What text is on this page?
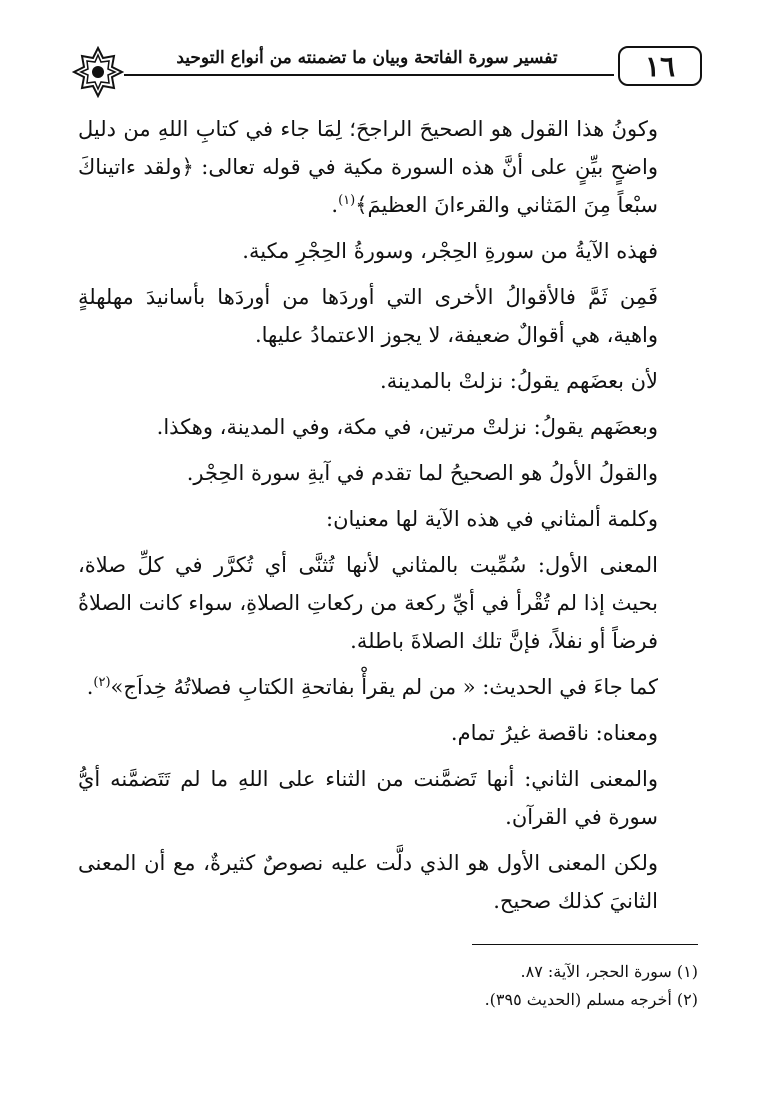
تفسير سورة الفاتحة وبيان ما تضمنته من أنواع التوحيد	١٦

وكونُ هذا القول هو الصحيحَ الراجحَ؛ لِمَا جاء في كتابِ اللهِ من دليل واضحٍ بيِّنٍ على أنَّ هذه السورة مكية في قوله تعالى: ﴿ولقد ءاتيناكَ سبْعاً مِنَ المَثاني والقرءانَ العظيمَ﴾$^{(١)}$.

فهذه الآيةُ من سورةِ الحِجْر، وسورةُ الحِجْرِ مكية.

فَمِن ثَمَّ فالأقوالُ الأخرى التي أوردَها من أوردَها بأسانيدَ مهلهلةٍ واهية، هي أقوالٌ ضعيفة، لا يجوز الاعتمادُ عليها.

لأن بعضَهم يقولُ: نزلتْ بالمدينة.

وبعضَهم يقولُ: نزلتْ مرتين، في مكة، وفي المدينة، وهكذا.

والقولُ الأولُ هو الصحيحُ لما تقدم في آيةِ سورة الحِجْر.

وكلمة ألمثاني في هذه الآية لها معنيان:

المعنى الأول: سُمِّيت بالمثاني لأنها تُثنَّى أي تُكرَّر في كلِّ صلاة، بحيث إذا لم تُقْرأ في أيِّ ركعة من ركعاتِ الصلاةِ، سواء كانت الصلاةُ فرضاً أو نفلاً، فإنَّ تلك الصلاةَ باطلة.

كما جاءَ في الحديث: « من لم يقرأْ بفاتحةِ الكتابِ فصلاتُهُ خِداَج»$^{(٢)}$.

ومعناه: ناقصة غيرُ تمام.

والمعنى الثاني: أنها تَضمَّنت من الثناء على اللهِ ما لم تَتَضمَّنه أيُّ سورة في القرآن.

ولكن المعنى الأول هو الذي دلَّت عليه نصوصٌ كثيرةٌ، مع أن المعنى الثانيَ كذلك صحيح.

(١) سورة الحجر، الآية: ٨٧.

(٢) أخرجه مسلم (الحديث ٣٩٥).
